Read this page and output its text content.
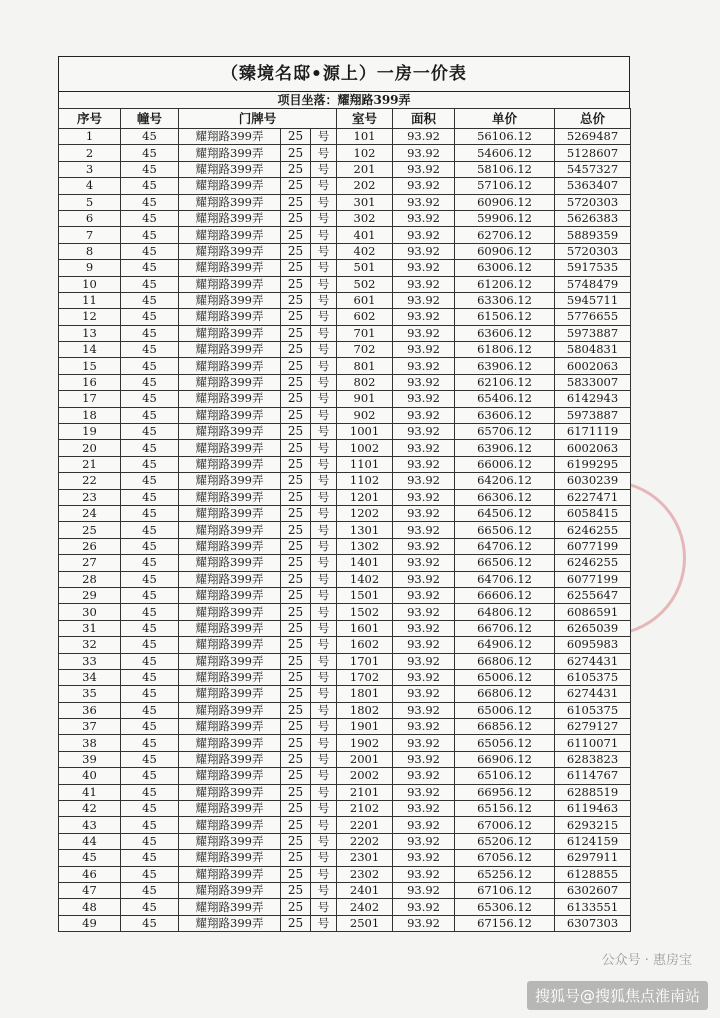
（臻境名邸•源上）一房一价表
项目坐落：耀翔路399弄
序号	幢号	门牌号			室号	面积	单价	总价
1	45	耀翔路399弄	25	号	101	93.92	56106.12	5269487
2	45	耀翔路399弄	25	号	102	93.92	54606.12	5128607
3	45	耀翔路399弄	25	号	201	93.92	58106.12	5457327
4	45	耀翔路399弄	25	号	202	93.92	57106.12	5363407
5	45	耀翔路399弄	25	号	301	93.92	60906.12	5720303
6	45	耀翔路399弄	25	号	302	93.92	59906.12	5626383
7	45	耀翔路399弄	25	号	401	93.92	62706.12	5889359
8	45	耀翔路399弄	25	号	402	93.92	60906.12	5720303
9	45	耀翔路399弄	25	号	501	93.92	63006.12	5917535
10	45	耀翔路399弄	25	号	502	93.92	61206.12	5748479
11	45	耀翔路399弄	25	号	601	93.92	63306.12	5945711
12	45	耀翔路399弄	25	号	602	93.92	61506.12	5776655
13	45	耀翔路399弄	25	号	701	93.92	63606.12	5973887
14	45	耀翔路399弄	25	号	702	93.92	61806.12	5804831
15	45	耀翔路399弄	25	号	801	93.92	63906.12	6002063
16	45	耀翔路399弄	25	号	802	93.92	62106.12	5833007
17	45	耀翔路399弄	25	号	901	93.92	65406.12	6142943
18	45	耀翔路399弄	25	号	902	93.92	63606.12	5973887
19	45	耀翔路399弄	25	号	1001	93.92	65706.12	6171119
20	45	耀翔路399弄	25	号	1002	93.92	63906.12	6002063
21	45	耀翔路399弄	25	号	1101	93.92	66006.12	6199295
22	45	耀翔路399弄	25	号	1102	93.92	64206.12	6030239
23	45	耀翔路399弄	25	号	1201	93.92	66306.12	6227471
24	45	耀翔路399弄	25	号	1202	93.92	64506.12	6058415
25	45	耀翔路399弄	25	号	1301	93.92	66506.12	6246255
26	45	耀翔路399弄	25	号	1302	93.92	64706.12	6077199
27	45	耀翔路399弄	25	号	1401	93.92	66506.12	6246255
28	45	耀翔路399弄	25	号	1402	93.92	64706.12	6077199
29	45	耀翔路399弄	25	号	1501	93.92	66606.12	6255647
30	45	耀翔路399弄	25	号	1502	93.92	64806.12	6086591
31	45	耀翔路399弄	25	号	1601	93.92	66706.12	6265039
32	45	耀翔路399弄	25	号	1602	93.92	64906.12	6095983
33	45	耀翔路399弄	25	号	1701	93.92	66806.12	6274431
34	45	耀翔路399弄	25	号	1702	93.92	65006.12	6105375
35	45	耀翔路399弄	25	号	1801	93.92	66806.12	6274431
36	45	耀翔路399弄	25	号	1802	93.92	65006.12	6105375
37	45	耀翔路399弄	25	号	1901	93.92	66856.12	6279127
38	45	耀翔路399弄	25	号	1902	93.92	65056.12	6110071
39	45	耀翔路399弄	25	号	2001	93.92	66906.12	6283823
40	45	耀翔路399弄	25	号	2002	93.92	65106.12	6114767
41	45	耀翔路399弄	25	号	2101	93.92	66956.12	6288519
42	45	耀翔路399弄	25	号	2102	93.92	65156.12	6119463
43	45	耀翔路399弄	25	号	2201	93.92	67006.12	6293215
44	45	耀翔路399弄	25	号	2202	93.92	65206.12	6124159
45	45	耀翔路399弄	25	号	2301	93.92	67056.12	6297911
46	45	耀翔路399弄	25	号	2302	93.92	65256.12	6128855
47	45	耀翔路399弄	25	号	2401	93.92	67106.12	6302607
48	45	耀翔路399弄	25	号	2402	93.92	65306.12	6133551
49	45	耀翔路399弄	25	号	2501	93.92	67156.12	6307303
公众号 · 惠房宝
搜狐号@搜狐焦点淮南站
